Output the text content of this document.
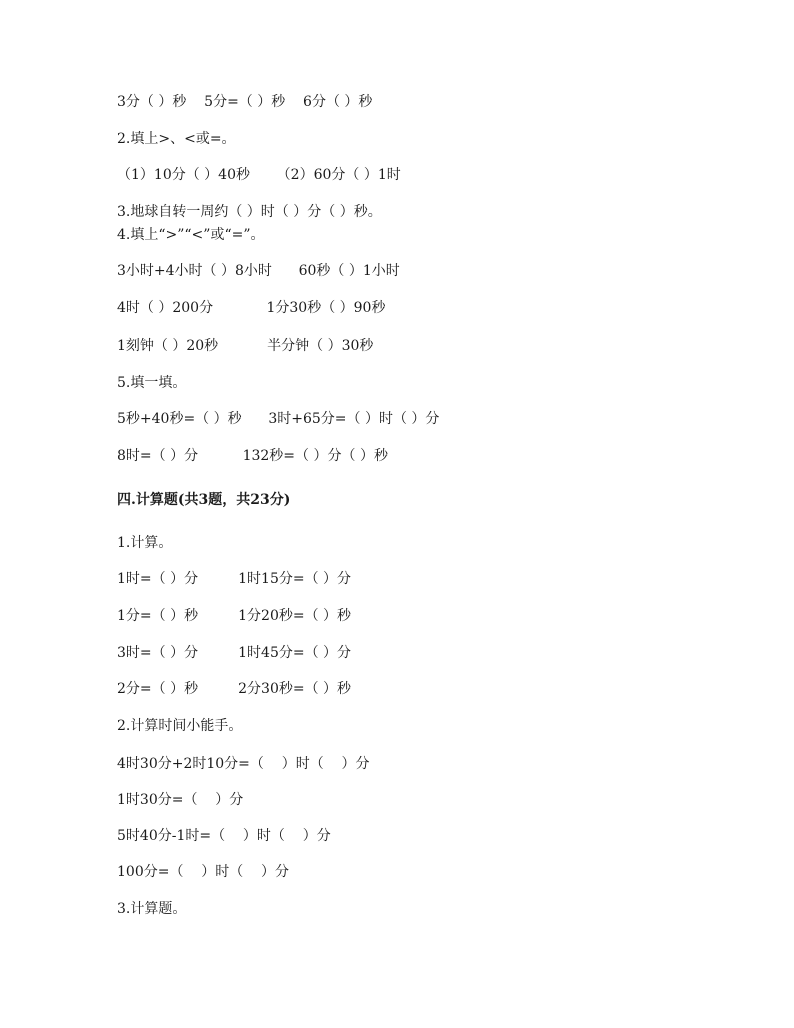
3分（ ）秒    5分=（ ）秒    6分（ ）秒
2.填上>、<或=。
（1）10分（ ）40秒      （2）60分（ ）1时
3.地球自转一周约（ ）时（ ）分（ ）秒。
4.填上“>”“<”或“=”。
3小时+4小时（ ）8小时      60秒（ ）1小时
4时（ ）200分            1分30秒（ ）90秒
1刻钟（ ）20秒           半分钟（ ）30秒
5.填一填。
5秒+40秒=（ ）秒      3时+65分=（ ）时（ ）分
8时=（ ）分          132秒=（ ）分（ ）秒
四.计算题(共3题，共23分)
1.计算。
1时=（ ）分         1时15分=（ ）分
1分=（ ）秒         1分20秒=（ ）秒
3时=（ ）分         1时45分=（ ）分
2分=（ ）秒         2分30秒=（ ）秒
2.计算时间小能手。
4时30分+2时10分=（    ）时（    ）分
1时30分=（    ）分
5时40分-1时=（    ）时（    ）分
100分=（    ）时（    ）分
3.计算题。
